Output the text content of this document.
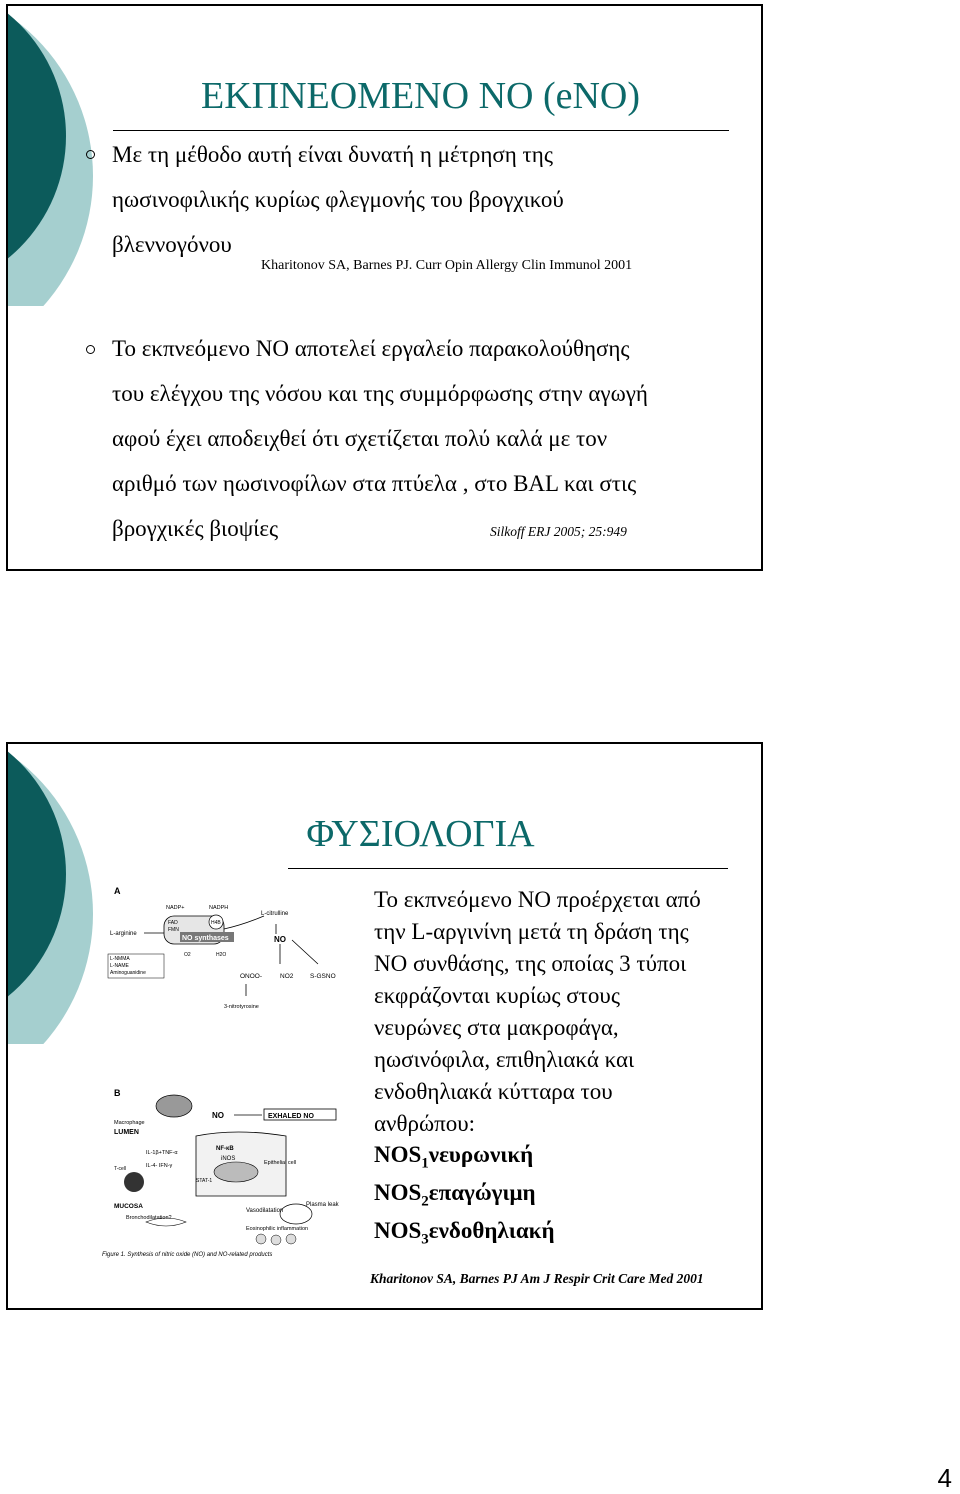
ΕΚΠΝΕΟΜΕΝΟ ΝΟ (eNO)
Με τη μέθοδο αυτή είναι δυνατή η μέτρηση της
ηωσινοφιλικής κυρίως φλεγμονής του βρογχικού
βλεννογόνου
Kharitonov SA, Barnes PJ. Curr Opin Allergy Clin Immunol 2001
Το εκπνεόμενο ΝΟ αποτελεί εργαλείο παρακολούθησης
του ελέγχου της νόσου και της συμμόρφωσης στην αγωγή
αφού έχει αποδειχθεί ότι σχετίζεται πολύ καλά με τον
αριθμό των ηωσινοφίλων στα πτύελα , στο BAL και στις
βρογχικές βιοψίες	Silkoff ERJ 2005; 25:949
ΦΥΣΙΟΛΟΓΙΑ
A
NADP+	NADPH
FAD
FMN
H4B
L-citrulline
L-arginine
NO synthases
O2	H2O
NO
L-NMMA
L-NAME
Aminoguanidine	ONOO-	NO2	S-GSNO
3-nitrotyrosine
B
Macrophage
LUMEN
NO	EXHALED NO
IL-1β+TNF-α
IL-4- IFN-γ
T-cell
NF-κB
iNOS
STAT-1
Epithelial cell
MUCOSA
Bronchodilatation?
Vasodilatation
Plasma leak
Eosinophilic inflammation
Figure 1. Synthesis of nitric oxide (NO) and NO-related products
Το εκπνεόμενο ΝΟ προέρχεται από
την L-αργινίνη μετά τη δράση της
ΝΟ συνθάσης, της οποίας 3 τύποι
εκφράζονται κυρίως στους
νευρώνες στα μακροφάγα,
ηωσινόφιλα, επιθηλιακά και
ενδοθηλιακά κύτταρα του
ανθρώπου:
$NOS_1\nu\varepsilon\upsilon\rho\omega\nu\iota\kappa ή$
$NOS_2\varepsilon\pi\alpha\gamma ώ\gamma\iota\mu\eta$
$NOS_3\varepsilon\nu\delta o\theta\eta\lambda\iota\alpha\kappa ή$
Kharitonov SA, Barnes PJ Am J Respir Crit Care Med 2001
4
